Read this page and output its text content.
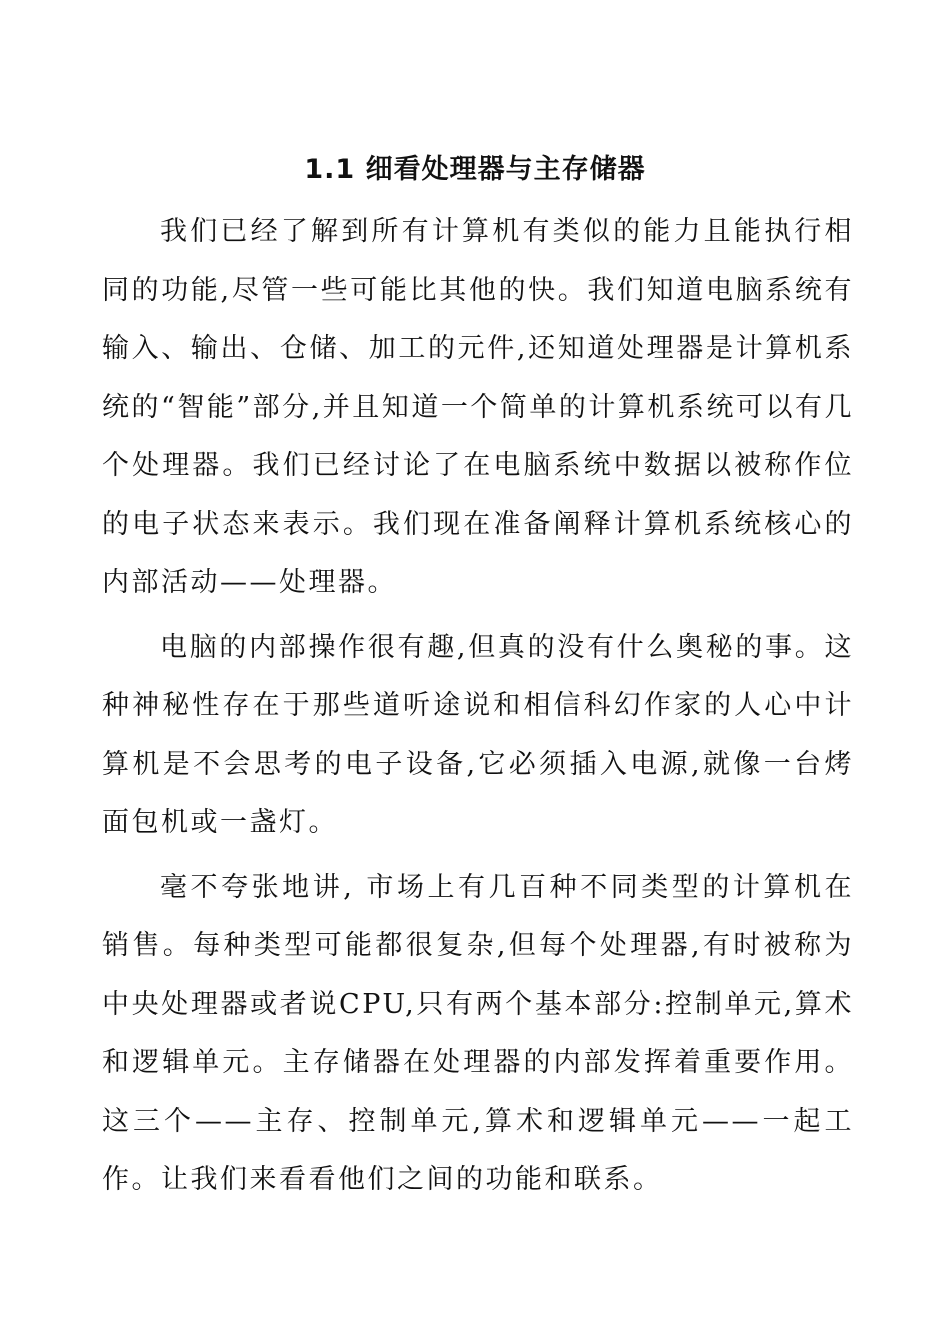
1.1 细看处理器与主存储器

我们已经了解到所有计算机有类似的能力且能执行相同的功能,尽管一些可能比其他的快。我们知道电脑系统有输入、输出、仓储、加工的元件,还知道处理器是计算机系统的“智能”部分,并且知道一个简单的计算机系统可以有几个处理器。我们已经讨论了在电脑系统中数据以被称作位的电子状态来表示。我们现在准备阐释计算机系统核心的内部活动——处理器。

电脑的内部操作很有趣,但真的没有什么奥秘的事。这种神秘性存在于那些道听途说和相信科幻作家的人心中计算机是不会思考的电子设备,它必须插入电源,就像一台烤面包机或一盏灯。

毫不夸张地讲, 市场上有几百种不同类型的计算机在销售。每种类型可能都很复杂,但每个处理器,有时被称为中央处理器或者说CPU,只有两个基本部分:控制单元,算术和逻辑单元。主存储器在处理器的内部发挥着重要作用。这三个——主存、控制单元,算术和逻辑单元——一起工作。让我们来看看他们之间的功能和联系。
